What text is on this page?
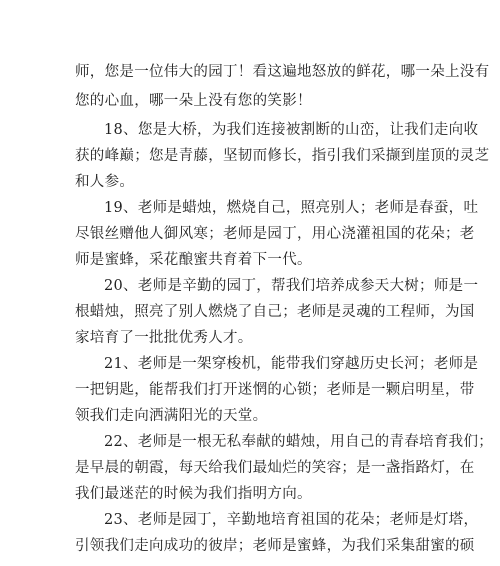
师，您是一位伟大的园丁！看这遍地怒放的鲜花，哪一朵上没有
您的心血，哪一朵上没有您的笑影！
18、您是大桥，为我们连接被割断的山峦，让我们走向收
获的峰巅；您是青藤，坚韧而修长，指引我们采撷到崖顶的灵芝
和人参。
19、老师是蜡烛，燃烧自己，照亮别人；老师是春蚕，吐
尽银丝赠他人御风寒；老师是园丁，用心浇灌祖国的花朵；老
师是蜜蜂，采花酿蜜共育着下一代。
20、老师是辛勤的园丁，帮我们培养成参天大树；师是一
根蜡烛，照亮了别人燃烧了自己；老师是灵魂的工程师，为国
家培育了一批批优秀人才。
21、老师是一架穿梭机，能带我们穿越历史长河；老师是
一把钥匙，能帮我们打开迷惘的心锁；老师是一颗启明星，带
领我们走向洒满阳光的天堂。
22、老师是一根无私奉献的蜡烛，用自己的青春培育我们；
是早晨的朝霞，每天给我们最灿烂的笑容；是一盏指路灯，在
我们最迷茫的时候为我们指明方向。
23、老师是园丁，辛勤地培育祖国的花朵；老师是灯塔，
引领我们走向成功的彼岸；老师是蜜蜂，为我们采集甜蜜的硕
